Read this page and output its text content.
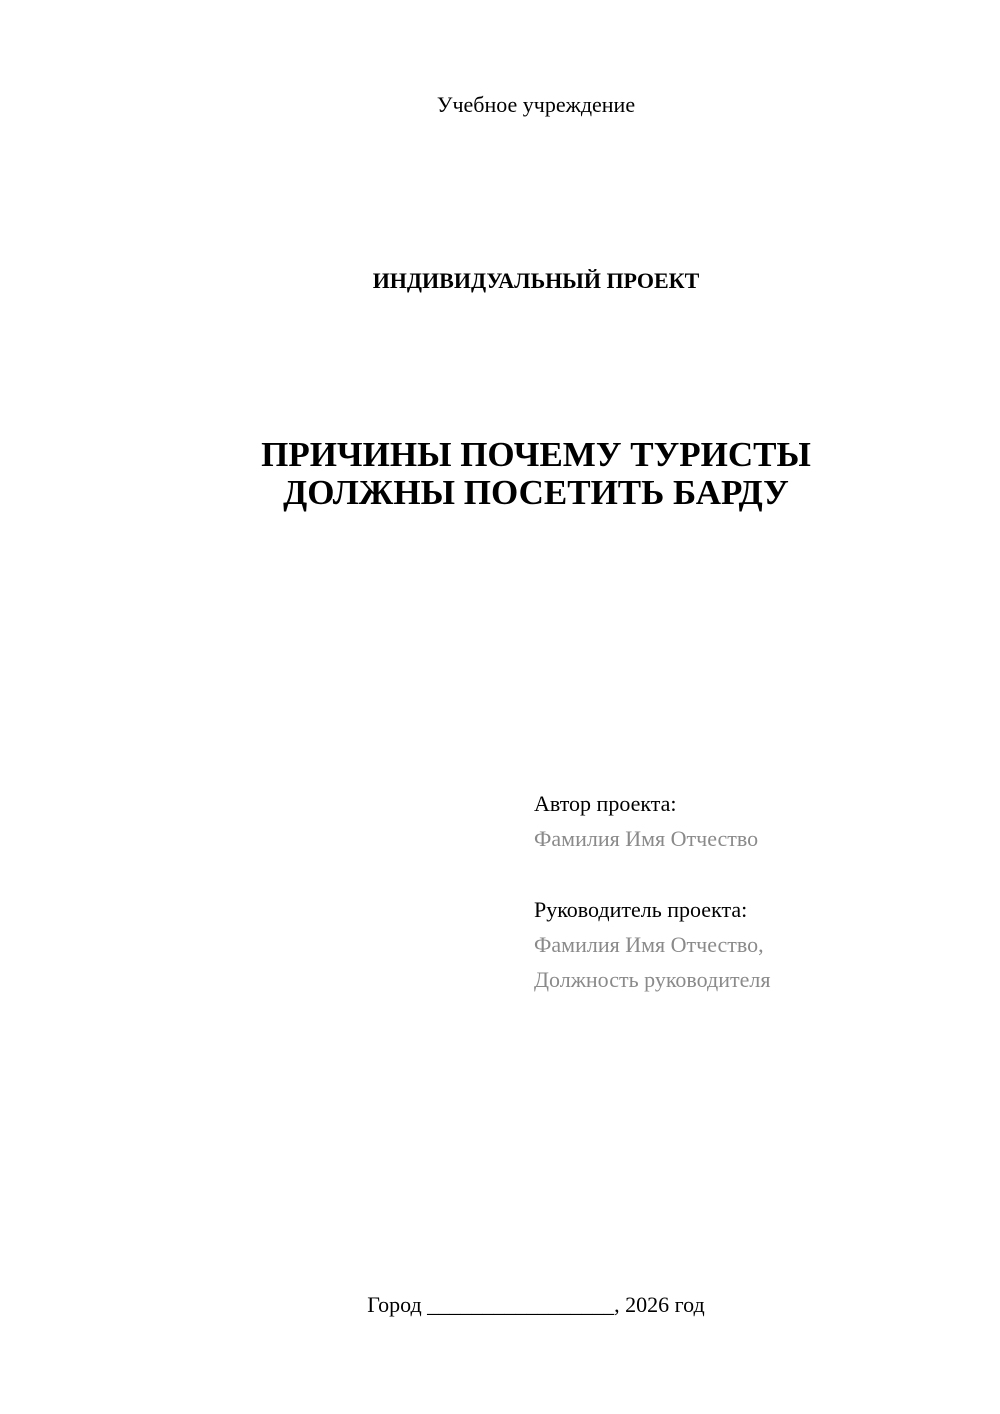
Учебное учреждение
ИНДИВИДУАЛЬНЫЙ ПРОЕКТ
ПРИЧИНЫ ПОЧЕМУ ТУРИСТЫ
ДОЛЖНЫ ПОСЕТИТЬ БАРДУ
Автор проекта:
Фамилия Имя Отчество
Руководитель проекта:
Фамилия Имя Отчество,
Должность руководителя
Город _________________, 2026 год
